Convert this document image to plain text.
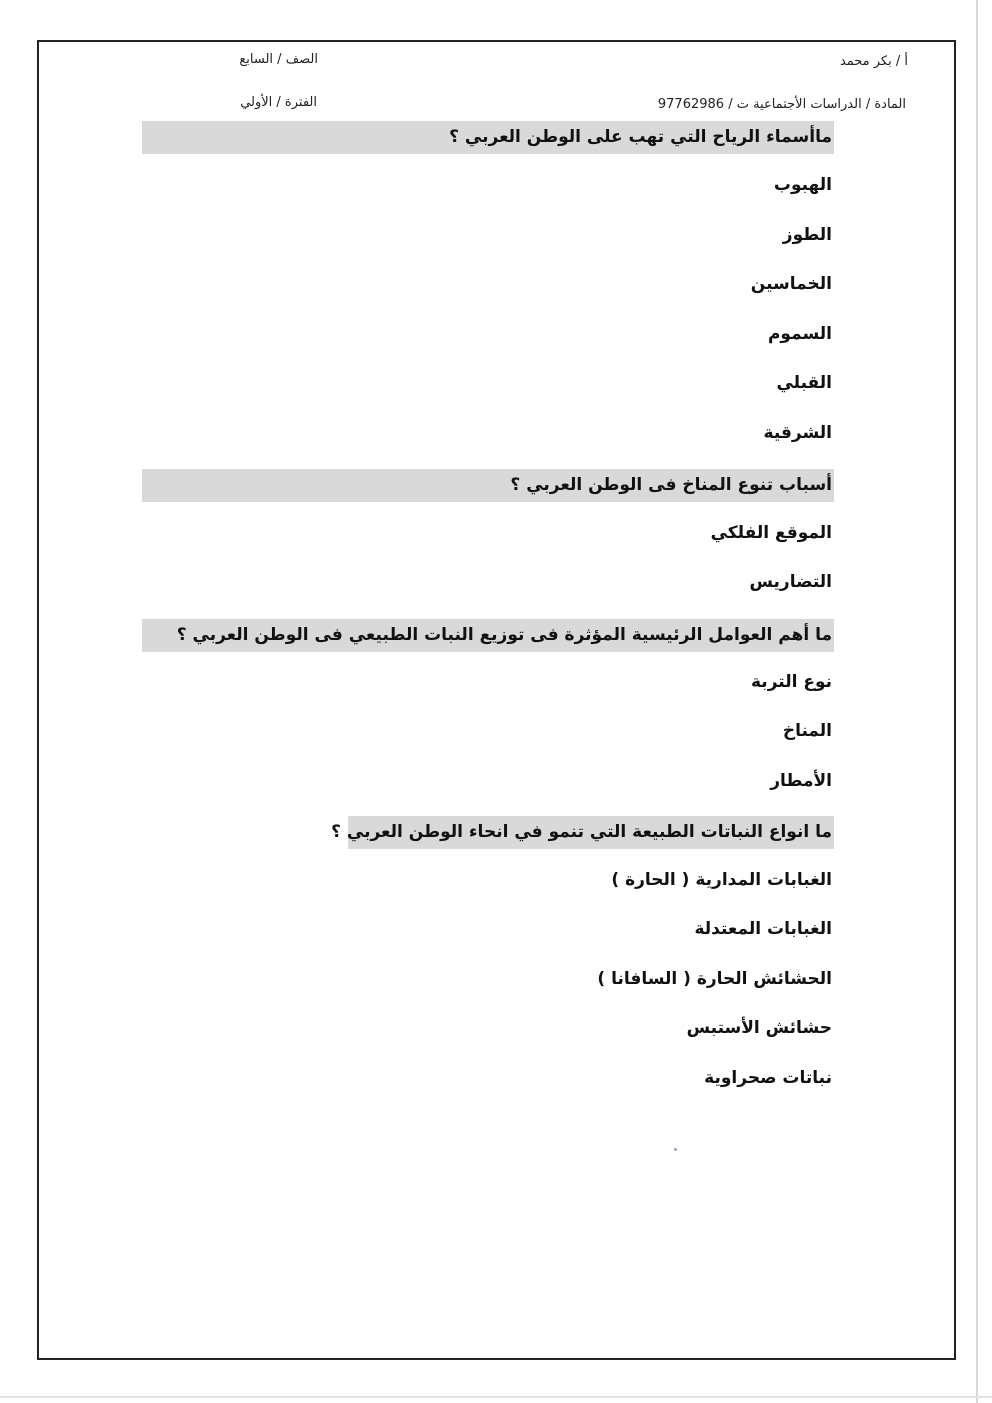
أ / بكر محمد
الصف / السابع
المادة / الدراسات الأجتماعية ت / 97762986
الفترة / الأولي
ماأسماء الرياح التي تهب على الوطن العربي ؟
الهبوب
الطوز
الخماسين
السموم
القبلي
الشرقية
أسباب تنوع المناخ فى الوطن العربي ؟
الموقع الفلكي
التضاريس
ما أهم العوامل الرئيسية المؤثرة فى توزيع النبات الطبيعي فى الوطن العربي ؟
نوع التربة
المناخ
الأمطار
ما انواع النباتات الطبيعة التي تنمو في انحاء الوطن العربي ؟
الغبابات المدارية ( الحارة )
الغبابات المعتدلة
الحشائش الحارة ( السافانا )
حشائش الأستبس
نباتات صحراوية
